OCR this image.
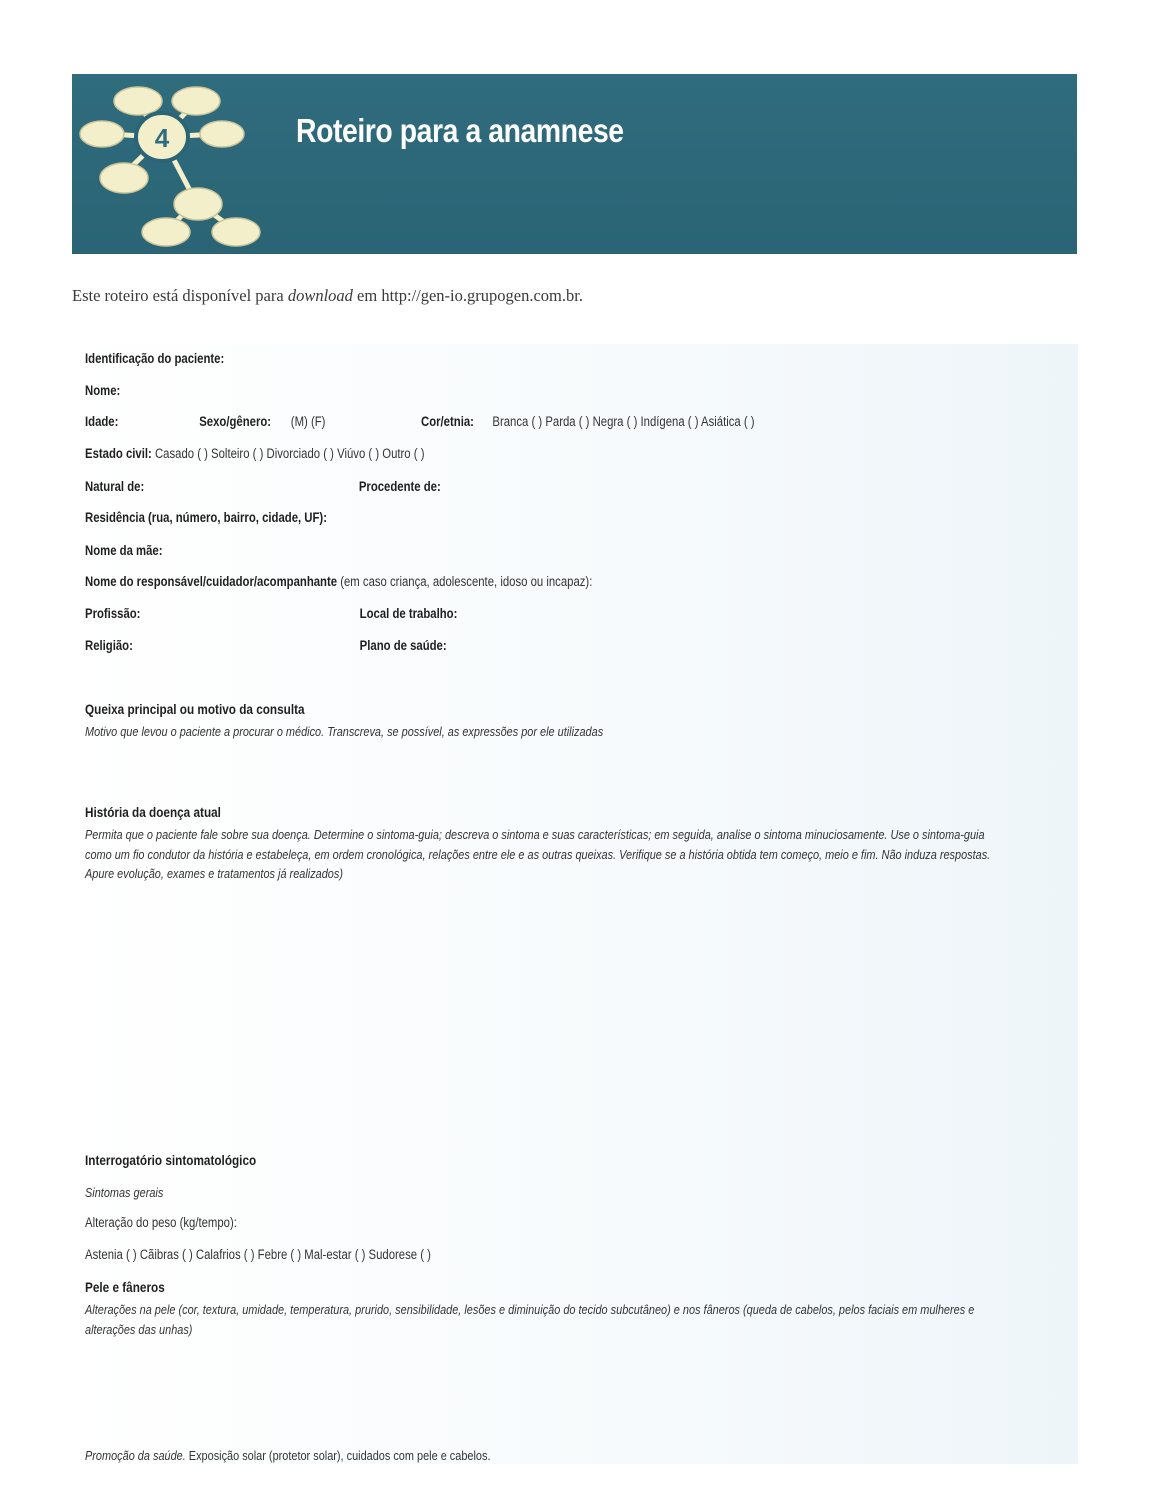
4	Roteiro para a anamnese
Este roteiro está disponível para download em http://gen-io.grupogen.com.br.
Identificação do paciente:
Nome:
Idade:	Sexo/gênero: (M) (F)	Cor/etnia: Branca ( ) Parda ( ) Negra ( ) Indígena ( ) Asiática ( )
Estado civil: Casado ( ) Solteiro ( ) Divorciado ( ) Viúvo ( ) Outro ( )
Natural de:	Procedente de:
Residência (rua, número, bairro, cidade, UF):
Nome da mãe:
Nome do responsável/cuidador/acompanhante (em caso criança, adolescente, idoso ou incapaz):
Profissão:	Local de trabalho:
Religião:	Plano de saúde:
Queixa principal ou motivo da consulta
Motivo que levou o paciente a procurar o médico. Transcreva, se possível, as expressões por ele utilizadas
História da doença atual
Permita que o paciente fale sobre sua doença. Determine o sintoma-guia; descreva o sintoma e suas características; em seguida, analise o sintoma minuciosamente. Use o sintoma-guia
como um fio condutor da história e estabeleça, em ordem cronológica, relações entre ele e as outras queixas. Verifique se a história obtida tem começo, meio e fim. Não induza respostas.
Apure evolução, exames e tratamentos já realizados)
Interrogatório sintomatológico
Sintomas gerais
Alteração do peso (kg/tempo):
Astenia ( ) Cãibras ( ) Calafrios ( ) Febre ( ) Mal-estar ( ) Sudorese ( )
Pele e fâneros
Alterações na pele (cor, textura, umidade, temperatura, prurido, sensibilidade, lesões e diminuição do tecido subcutâneo) e nos fâneros (queda de cabelos, pelos faciais em mulheres e
alterações das unhas)
Promoção da saúde. Exposição solar (protetor solar), cuidados com pele e cabelos.
